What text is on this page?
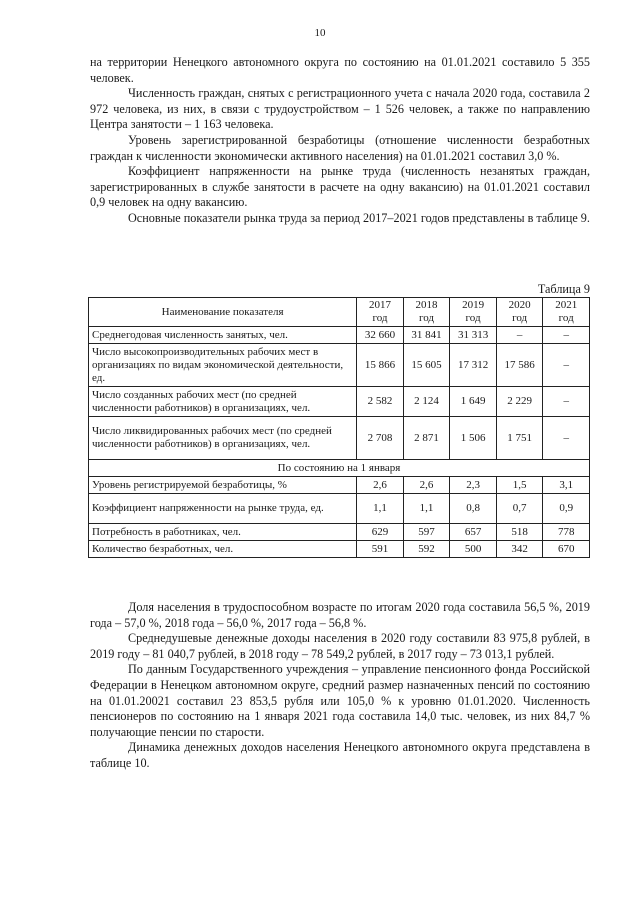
10

на территории Ненецкого автономного округа по состоянию на 01.01.2021 составило 5 355 человек.

Численность граждан, снятых с регистрационного учета с начала 2020 года, составила 2 972 человека, из них, в связи с трудоустройством – 1 526 человек, а также по направлению Центра занятости – 1 163 человека.

Уровень зарегистрированной безработицы (отношение численности безработных граждан к численности экономически активного населения) на 01.01.2021 составил 3,0 %.

Коэффициент напряженности на рынке труда (численность незанятых граждан, зарегистрированных в службе занятости в расчете на одну вакансию) на 01.01.2021 составил 0,9 человек на одну вакансию.

Основные показатели рынка труда за период 2017–2021 годов представлены в таблице 9.

Таблица 9
Наименование показателя	2017 год	2018 год	2019 год	2020 год	2021 год
Среднегодовая численность занятых, чел.	32 660	31 841	31 313	–	–
Число высокопроизводительных рабочих мест в организациях по видам экономической деятельности, ед.	15 866	15 605	17 312	17 586	–
Число созданных рабочих мест (по средней численности работников) в организациях, чел.	2 582	2 124	1 649	2 229	–
Число ликвидированных рабочих мест (по средней численности работников) в организациях, чел.	2 708	2 871	1 506	1 751	–
По состоянию на 1 января					
Уровень регистрируемой безработицы, %	2,6	2,6	2,3	1,5	3,1
Коэффициент напряженности на рынке труда, ед.	1,1	1,1	0,8	0,7	0,9
Потребность в работниках, чел.	629	597	657	518	778
Количество безработных, чел.	591	592	500	342	670

Доля населения в трудоспособном возрасте по итогам 2020 года составила 56,5 %, 2019 года – 57,0 %, 2018 года – 56,0 %, 2017 года – 56,8 %.

Среднедушевые денежные доходы населения в 2020 году составили 83 975,8 рублей, в 2019 году – 81 040,7 рублей, в 2018 году – 78 549,2 рублей, в 2017 году – 73 013,1 рублей.

По данным Государственного учреждения – управление пенсионного фонда Российской Федерации в Ненецком автономном округе, средний размер назначенных пенсий по состоянию на 01.01.20021 составил 23 853,5 рубля или 105,0 % к уровню 01.01.2020. Численность пенсионеров по состоянию на 1 января 2021 года составила 14,0 тыс. человек, из них 84,7 % получающие пенсии по старости.

Динамика денежных доходов населения Ненецкого автономного округа представлена в таблице 10.
